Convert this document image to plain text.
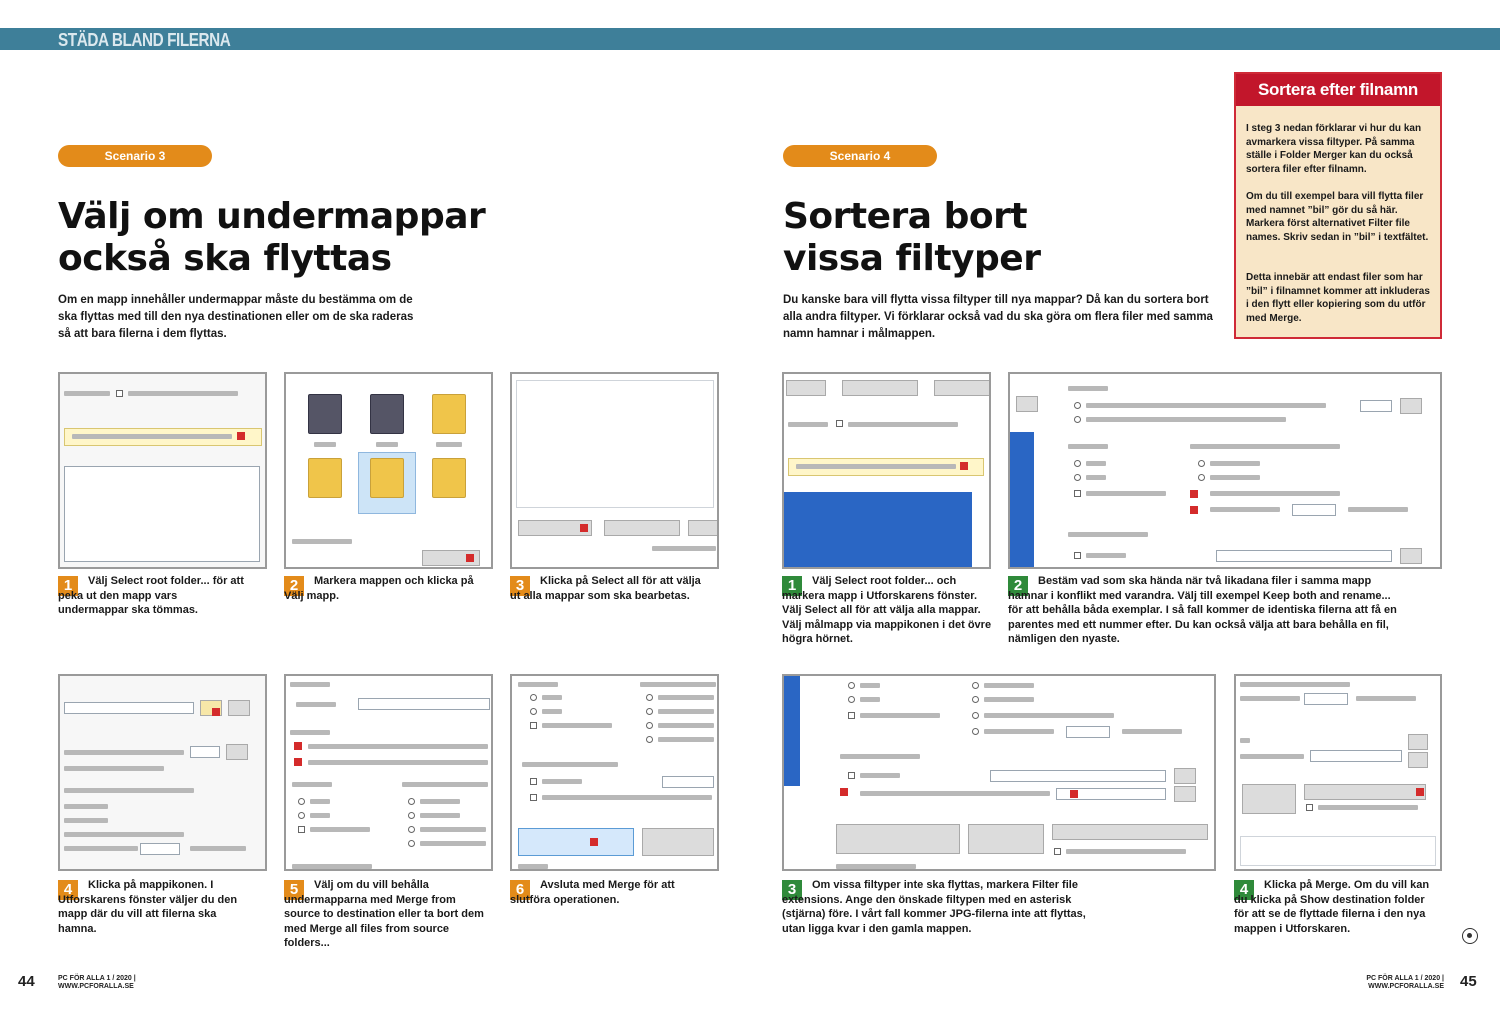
STÄDA BLAND FILERNA
Scenario 3
Välj om undermappar
också ska flyttas
Om en mapp innehåller undermappar måste du bestämma om de ska flyttas med till den nya destinationen eller om de ska raderas så att bara filerna i dem flyttas.
1	Välj Select root folder... för att peka ut den mapp vars undermappar ska tömmas.
2	Markera mappen och klicka på Välj mapp.
3	Klicka på Select all för att välja ut alla mappar som ska bearbetas.
4	Klicka på mappikonen. I Utforskarens fönster väljer du den mapp där du vill att filerna ska hamna.
5	Välj om du vill behålla undermapparna med Merge from source to destination eller ta bort dem med Merge all files from source folders...
6	Avsluta med Merge för att slutföra operationen.
44	PC FÖR ALLA 1 / 2020 | WWW.PCFORALLA.SE
Scenario 4
Sortera bort
vissa filtyper
Du kanske bara vill flytta vissa filtyper till nya mappar? Då kan du sortera bort alla andra filtyper. Vi förklarar också vad du ska göra om flera filer med samma namn hamnar i målmappen.
Sortera efter filnamn
I steg 3 nedan förklarar vi hur du kan avmarkera vissa filtyper. På samma ställe i Folder Merger kan du också sortera filer efter filnamn.
Om du till exempel bara vill flytta filer med namnet ”bil” gör du så här. Markera först alternativet Filter file names. Skriv sedan in ”bil” i textfältet.
Detta innebär att endast filer som har ”bil” i filnamnet kommer att inkluderas i den flytt eller kopiering som du utför med Merge.
1	Välj Select root folder... och markera mapp i Utforskarens fönster. Välj Select all för att välja alla mappar. Välj målmapp via mappikonen i det övre högra hörnet.
2	Bestäm vad som ska hända när två likadana filer i samma mapp hamnar i konflikt med varandra. Välj till exempel Keep both and rename... för att behålla båda exemplar. I så fall kommer de identiska filerna att få en parentes med ett nummer efter. Du kan också välja att bara behålla en fil, nämligen den nyaste.
3	Om vissa filtyper inte ska flyttas, markera Filter file extensions. Ange den önskade filtypen med en asterisk (stjärna) före. I vårt fall kommer JPG-filerna inte att flyttas, utan ligga kvar i den gamla mappen.
4	Klicka på Merge. Om du vill kan du klicka på Show destination folder för att se de flyttade filerna i den nya mappen i Utforskaren.
PC FÖR ALLA 1 / 2020 | WWW.PCFORALLA.SE 45
